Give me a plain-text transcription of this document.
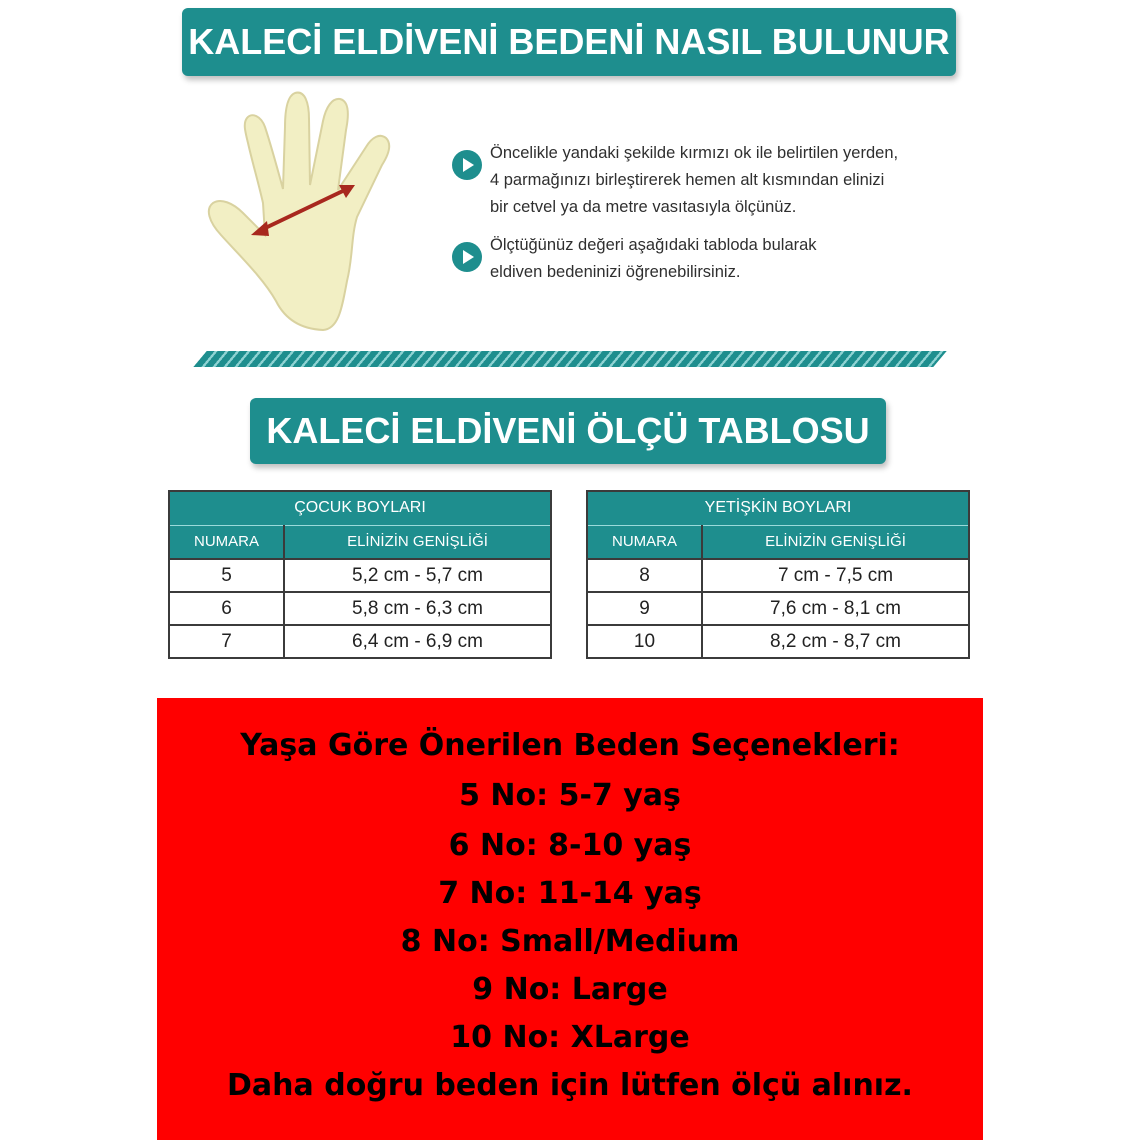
KALECİ ELDİVENİ BEDENİ NASIL BULUNUR
Öncelikle yandaki şekilde kırmızı ok ile belirtilen yerden,
4 parmağınızı birleştirerek hemen alt kısmından elinizi
bir cetvel ya da metre vasıtasıyla ölçünüz.
Ölçtüğünüz değeri aşağıdaki tabloda bularak
eldiven bedeninizi öğrenebilirsiniz.
KALECİ ELDİVENİ ÖLÇÜ TABLOSU
ÇOCUK BOYLARI	
NUMARA	ELİNİZİN GENİŞLİĞİ
5	5,2 cm - 5,7 cm
6	5,8 cm - 6,3 cm
7	6,4 cm - 6,9 cm
YETİŞKİN BOYLARI	
NUMARA	ELİNİZİN GENİŞLİĞİ
8	7 cm - 7,5 cm
9	7,6 cm - 8,1 cm
10	8,2 cm - 8,7 cm
Yaşa Göre Önerilen Beden Seçenekleri:
5 No: 5-7 yaş
6 No: 8-10 yaş
7 No: 11-14 yaş
8 No: Small/Medium
9 No: Large
10 No: XLarge
Daha doğru beden için lütfen ölçü alınız.
